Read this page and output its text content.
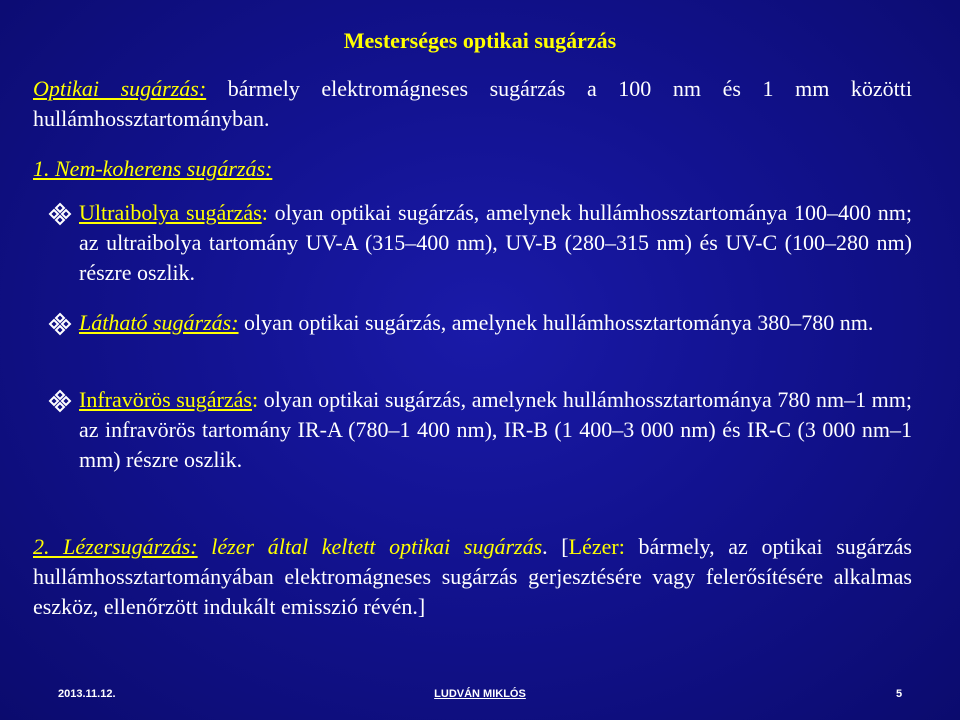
Mesterséges optikai sugárzás
Optikai sugárzás: bármely elektromágneses sugárzás a 100 nm és 1 mm közötti hullámhossztartományban.
1. Nem-koherens sugárzás:
Ultraibolya sugárzás: olyan optikai sugárzás, amelynek hullámhossztartománya 100–400 nm; az ultraibolya tartomány UV-A (315–400 nm), UV-B (280–315 nm) és UV-C (100–280 nm) részre oszlik.
Látható sugárzás: olyan optikai sugárzás, amelynek hullámhossztartománya 380–780 nm.
Infravörös sugárzás: olyan optikai sugárzás, amelynek hullámhossztartománya 780 nm–1 mm; az infravörös tartomány IR-A (780–1 400 nm), IR-B (1 400–3 000 nm) és IR-C (3 000 nm–1 mm) részre oszlik.
2. Lézersugárzás: lézer által keltett optikai sugárzás. [Lézer: bármely, az optikai sugárzás hullámhossztartományában elektromágneses sugárzás gerjesztésére vagy felerősítésére alkalmas eszköz, ellenőrzött indukált emisszió révén.]
2013.11.12.	LUDVÁN MIKLÓS	5
